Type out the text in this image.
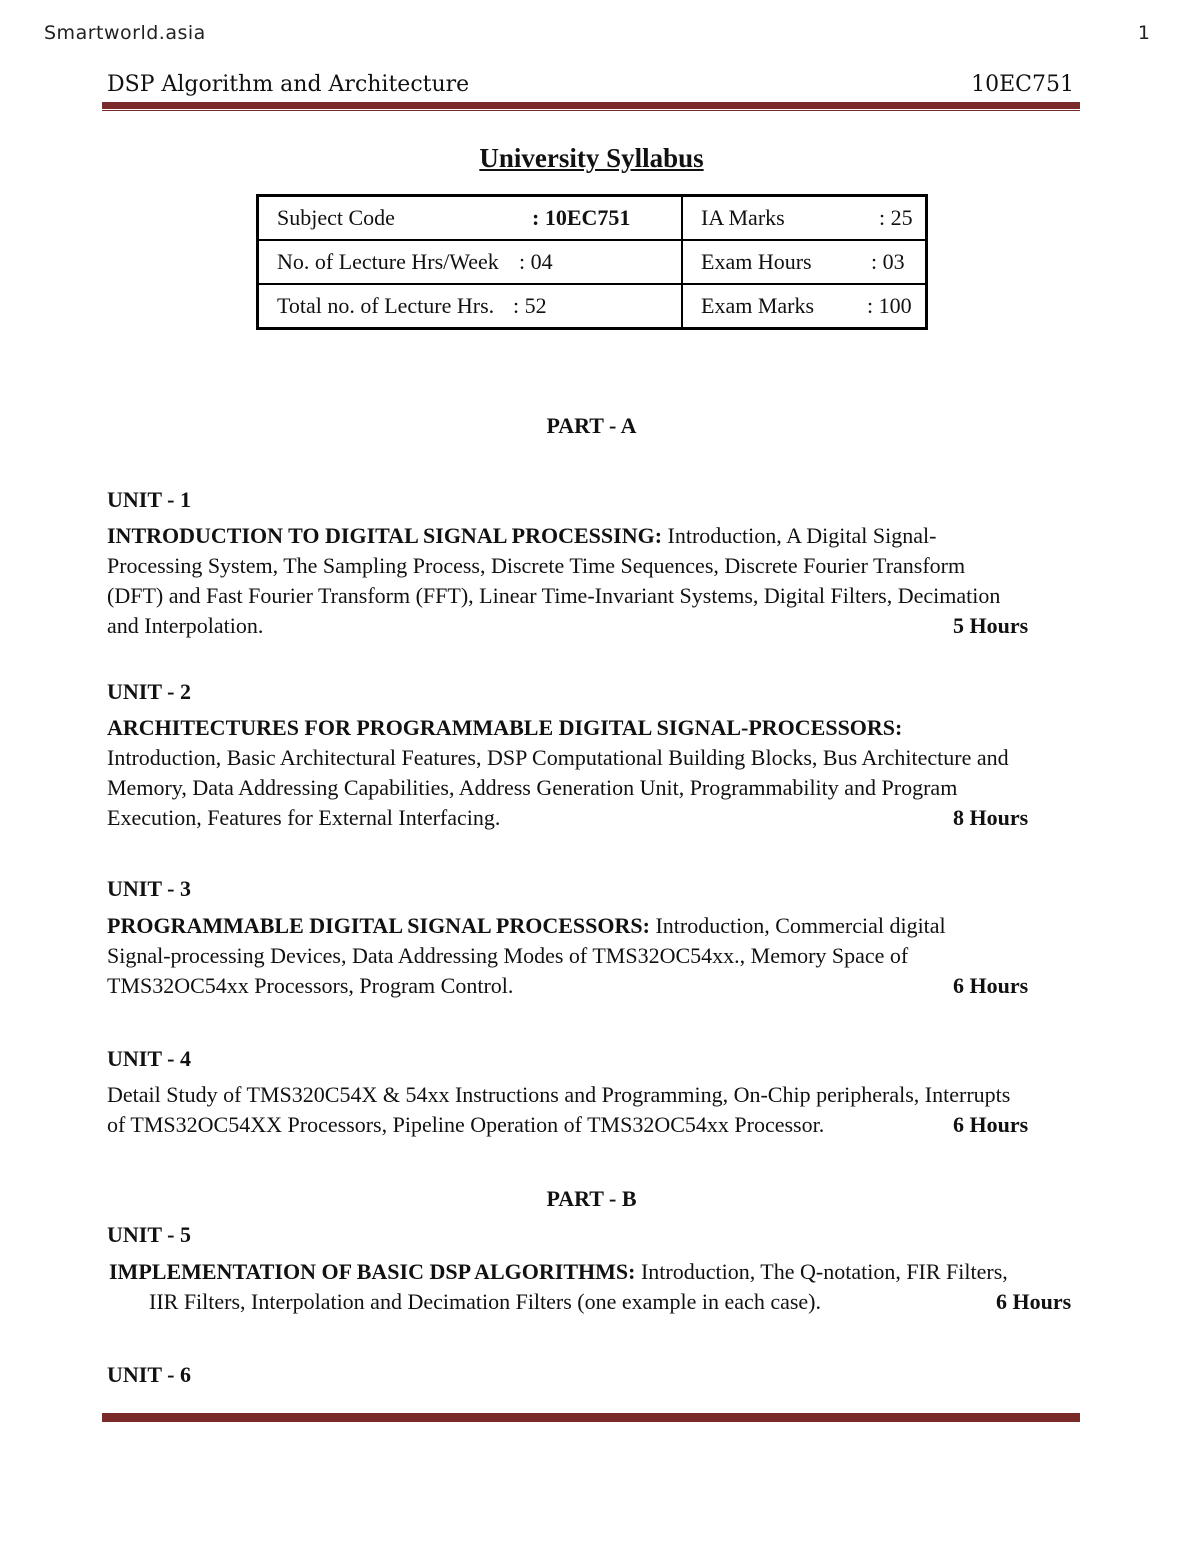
Smartworld.asia	1
DSP Algorithm and Architecture	10EC751
University Syllabus
Subject Code : 10EC751	IA Marks : 25
No. of Lecture Hrs/Week : 04	Exam Hours : 03
Total no. of Lecture Hrs. : 52	Exam Marks : 100
PART - A
UNIT - 1
INTRODUCTION TO DIGITAL SIGNAL PROCESSING: Introduction, A Digital Signal-
Processing System, The Sampling Process, Discrete Time Sequences, Discrete Fourier Transform
(DFT) and Fast Fourier Transform (FFT), Linear Time-Invariant Systems, Digital Filters, Decimation
and Interpolation.	5 Hours
UNIT - 2
ARCHITECTURES FOR PROGRAMMABLE DIGITAL SIGNAL-PROCESSORS:
Introduction, Basic Architectural Features, DSP Computational Building Blocks, Bus Architecture and
Memory, Data Addressing Capabilities, Address Generation Unit, Programmability and Program
Execution, Features for External Interfacing.	8 Hours
UNIT - 3
PROGRAMMABLE DIGITAL SIGNAL PROCESSORS: Introduction, Commercial digital
Signal-processing Devices, Data Addressing Modes of TMS32OC54xx., Memory Space of
TMS32OC54xx Processors, Program Control.	6 Hours
UNIT - 4
Detail Study of TMS320C54X & 54xx Instructions and Programming, On-Chip peripherals, Interrupts
of TMS32OC54XX Processors, Pipeline Operation of TMS32OC54xx Processor.	6 Hours
PART - B
UNIT - 5
IMPLEMENTATION OF BASIC DSP ALGORITHMS: Introduction, The Q-notation, FIR Filters,
IIR Filters, Interpolation and Decimation Filters (one example in each case).	6 Hours
UNIT - 6
